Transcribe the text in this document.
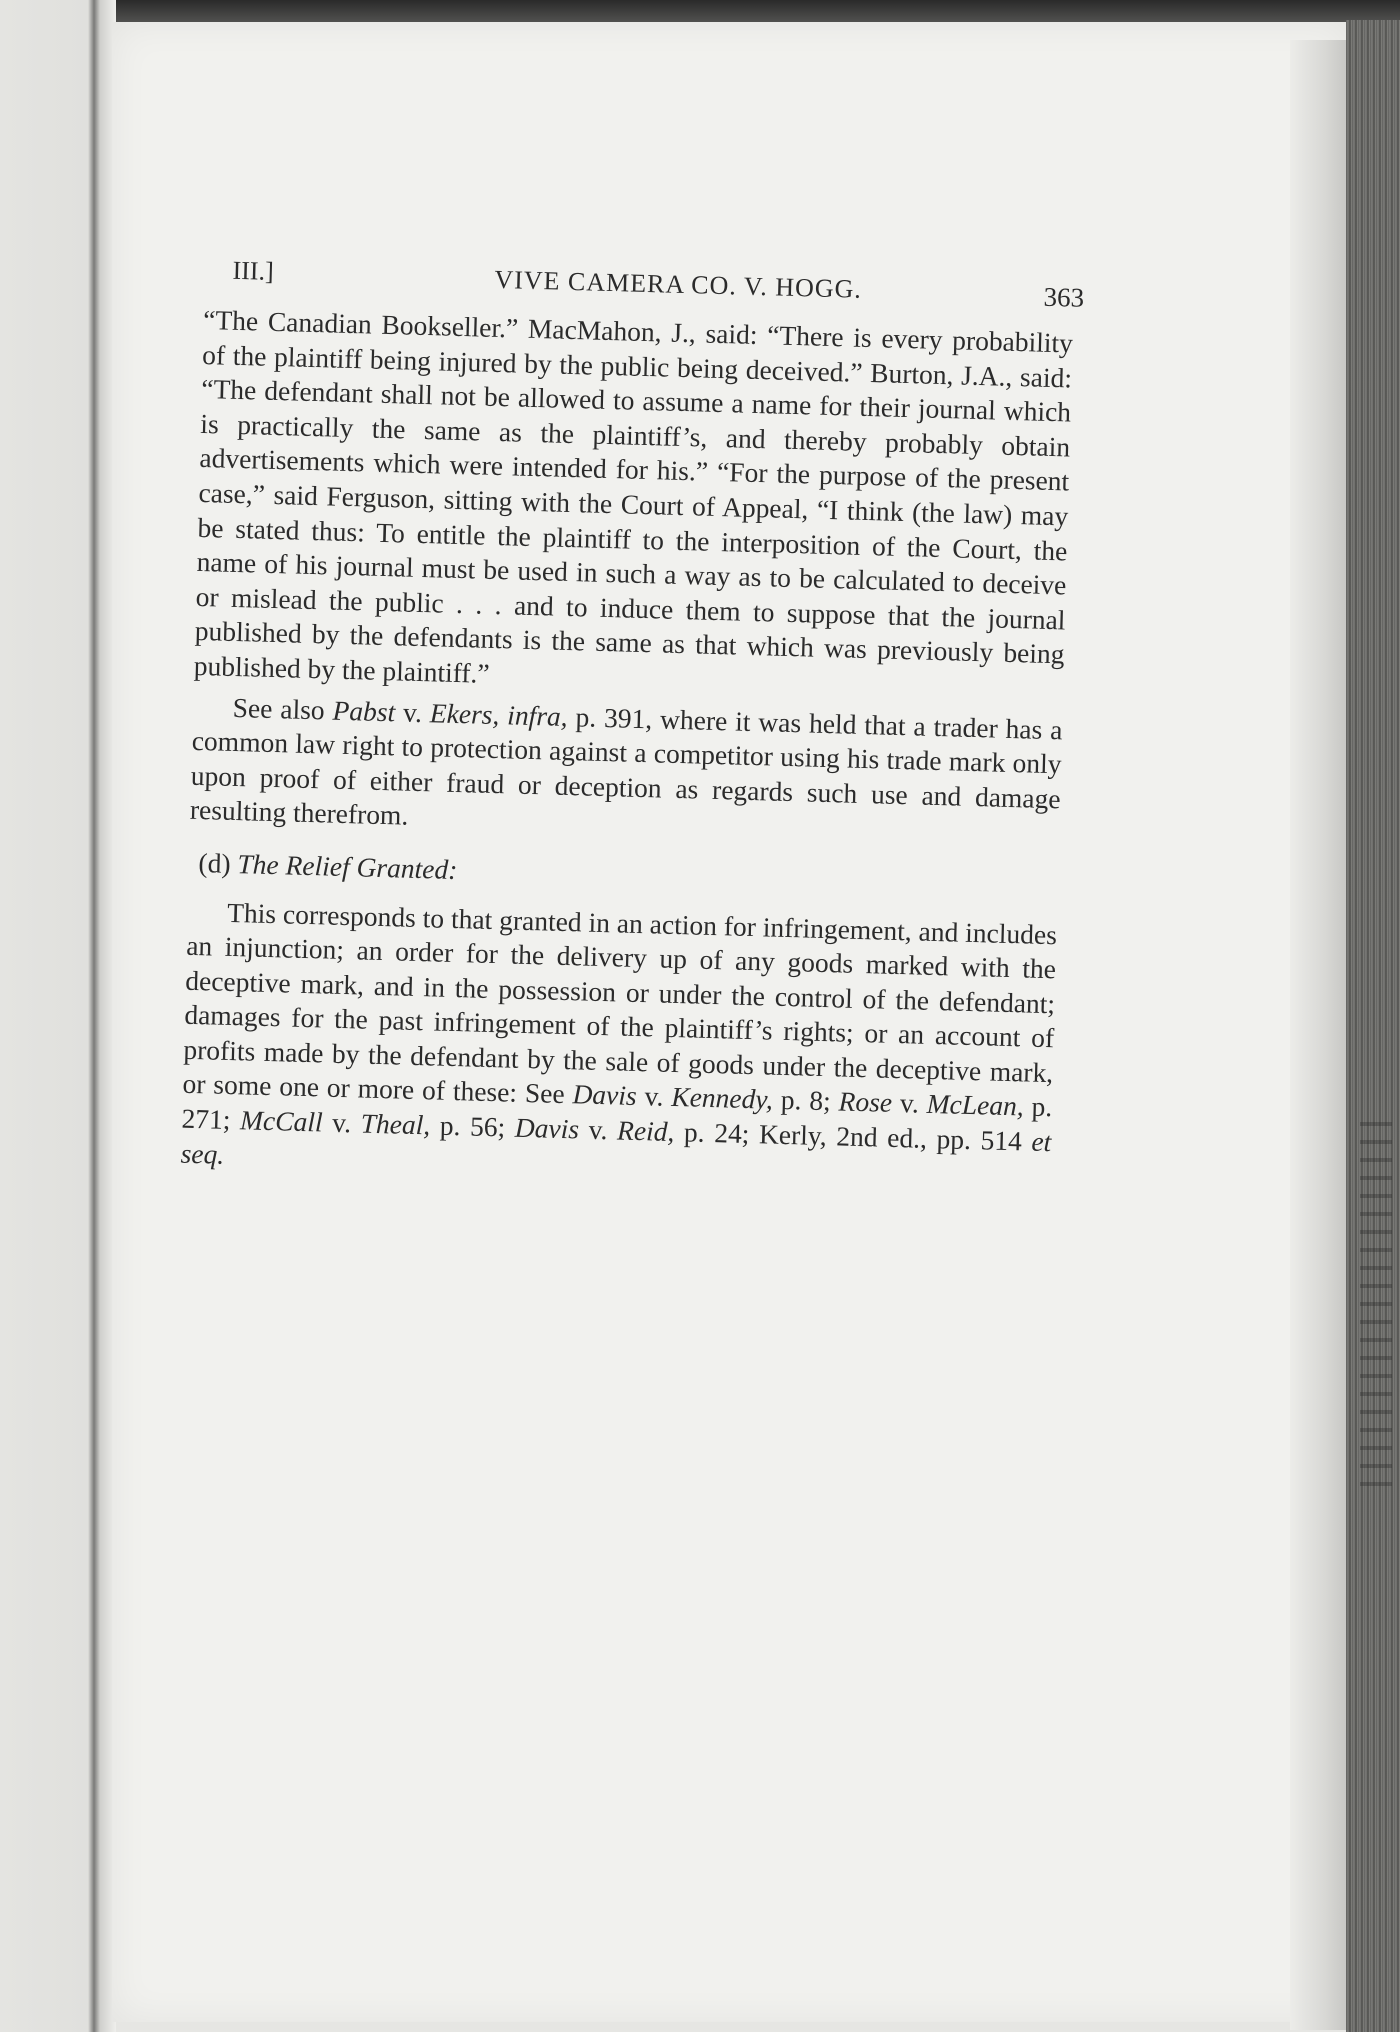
III.]	VIVE CAMERA CO. V. HOGG.	363

“The Canadian Bookseller.” MacMahon, J., said: “There is every probability of the plaintiff being injured by the public being deceived.” Burton, J.A., said: “The defendant shall not be allowed to assume a name for their journal which is practically the same as the plaintiff’s, and thereby probably obtain advertisements which were intended for his.” “For the purpose of the present case,” said Ferguson, sitting with the Court of Appeal, “I think (the law) may be stated thus: To entitle the plaintiff to the interposition of the Court, the name of his journal must be used in such a way as to be calculated to deceive or mislead the public . . . and to induce them to suppose that the journal published by the defendants is the same as that which was previously being published by the plaintiff.”

See also Pabst v. Ekers, infra, p. 391, where it was held that a trader has a common law right to protection against a competitor using his trade mark only upon proof of either fraud or deception as regards such use and damage resulting therefrom.

(d) The Relief Granted:

This corresponds to that granted in an action for infringement, and includes an injunction; an order for the delivery up of any goods marked with the deceptive mark, and in the possession or under the control of the defendant; damages for the past infringement of the plaintiff’s rights; or an account of profits made by the defendant by the sale of goods under the deceptive mark, or some one or more of these: See Davis v. Kennedy, p. 8; Rose v. McLean, p. 271; McCall v. Theal, p. 56; Davis v. Reid, p. 24; Kerly, 2nd ed., pp. 514 et seq.
